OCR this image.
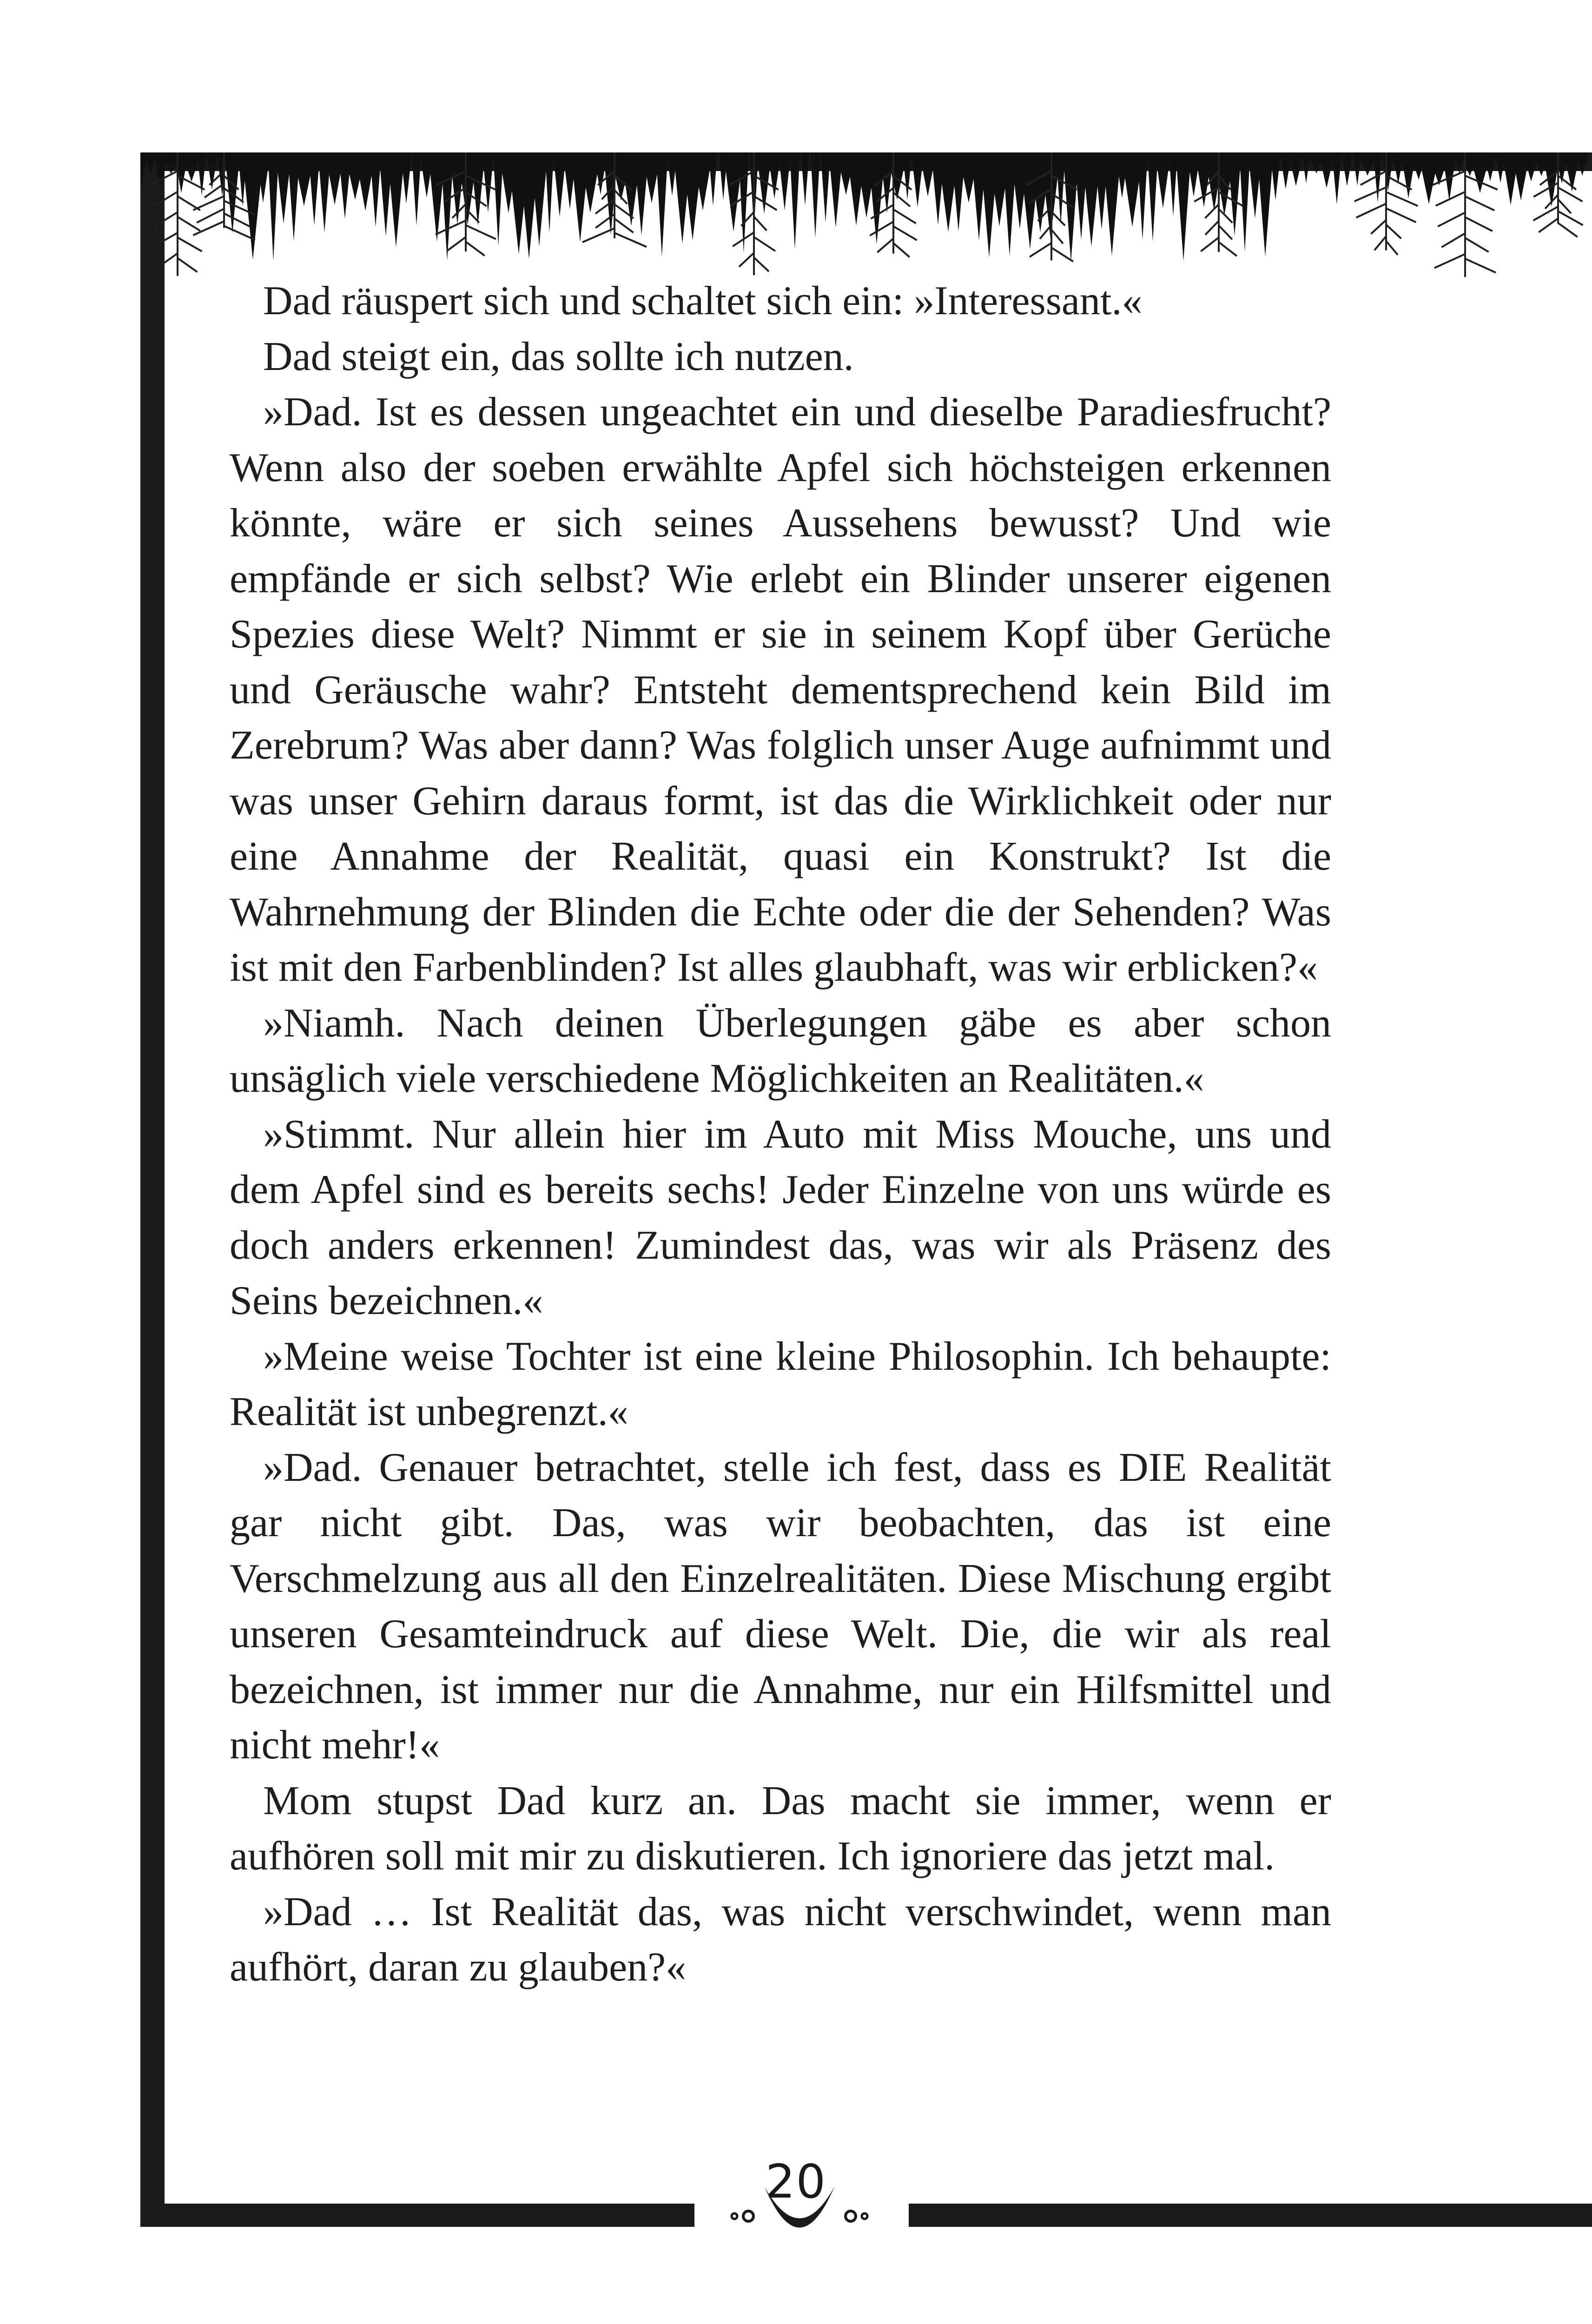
Dad räuspert sich und schaltet sich ein: »Interessant.«

Dad steigt ein, das sollte ich nutzen.

»Dad. Ist es dessen ungeachtet ein und dieselbe Paradiesfrucht? Wenn also der soeben erwählte Apfel sich höchsteigen erkennen könnte, wäre er sich seines Aussehens bewusst? Und wie empfände er sich selbst? Wie erlebt ein Blinder unserer eigenen Spezies diese Welt? Nimmt er sie in seinem Kopf über Gerüche und Geräusche wahr? Entsteht dementsprechend kein Bild im Zerebrum? Was aber dann? Was folglich unser Auge aufnimmt und was unser Gehirn daraus formt, ist das die Wirklichkeit oder nur eine Annahme der Realität, quasi ein Konstrukt? Ist die Wahrnehmung der Blinden die Echte oder die der Sehenden? Was ist mit den Farbenblinden? Ist alles glaubhaft, was wir erblicken?«

»Niamh. Nach deinen Überlegungen gäbe es aber schon unsäglich viele verschiedene Möglichkeiten an Realitäten.«

»Stimmt. Nur allein hier im Auto mit Miss Mouche, uns und dem Apfel sind es bereits sechs! Jeder Einzelne von uns würde es doch anders erkennen! Zumindest das, was wir als Präsenz des Seins bezeichnen.«

»Meine weise Tochter ist eine kleine Philosophin. Ich behaupte: Realität ist unbegrenzt.«

»Dad. Genauer betrachtet, stelle ich fest, dass es DIE Realität gar nicht gibt. Das, was wir beobachten, das ist eine Verschmelzung aus all den Einzelrealitäten. Diese Mischung ergibt unseren Gesamteindruck auf diese Welt. Die, die wir als real bezeichnen, ist immer nur die Annahme, nur ein Hilfsmittel und nicht mehr!«

Mom stupst Dad kurz an. Das macht sie immer, wenn er aufhören soll mit mir zu diskutieren. Ich ignoriere das jetzt mal.

»Dad … Ist Realität das, was nicht verschwindet, wenn man aufhört, daran zu glauben?«

20
